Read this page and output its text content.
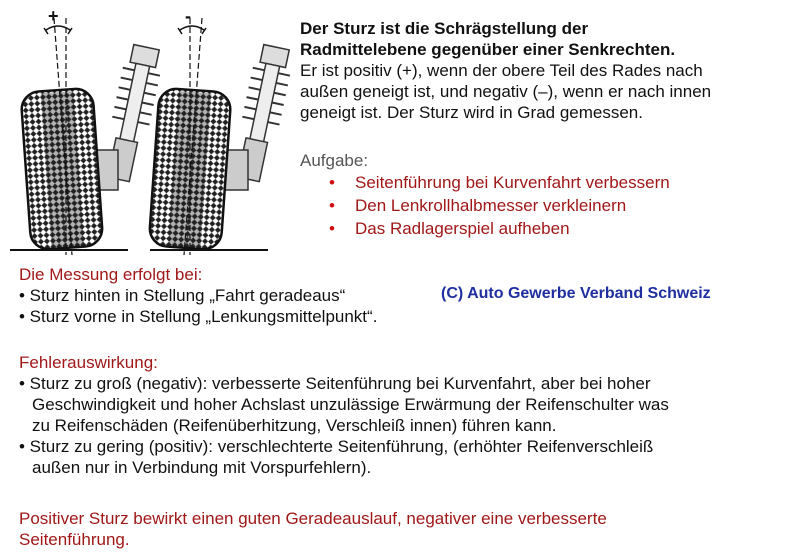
+	-

Der Sturz ist die Schrägstellung der

Radmittelebene gegenüber einer Senkrechten.

Er ist positiv (+), wenn der obere Teil des Rades nach

außen geneigt ist, und negativ (–), wenn er nach innen

geneigt ist. Der Sturz wird in Grad gemessen.

Aufgabe:

• Seitenführung bei Kurvenfahrt verbessern
• Den Lenkrollhalbmesser verkleinern
• Das Radlagerspiel aufheben

Die Messung erfolgt bei:

• Sturz hinten in Stellung „Fahrt geradeaus“

• Sturz vorne in Stellung „Lenkungsmittelpunkt“.

(C) Auto Gewerbe Verband Schweiz

Fehlerauswirkung:

• Sturz zu groß (negativ): verbesserte Seitenführung bei Kurvenfahrt, aber bei hoher

Geschwindigkeit und hoher Achslast unzulässige Erwärmung der Reifenschulter was

zu Reifenschäden (Reifenüberhitzung, Verschleiß innen) führen kann.

• Sturz zu gering (positiv): verschlechterte Seitenführung, (erhöhter Reifenverschleiß

außen nur in Verbindung mit Vorspurfehlern).

Positiver Sturz bewirkt einen guten Geradeauslauf, negativer eine verbesserte

Seitenführung.
